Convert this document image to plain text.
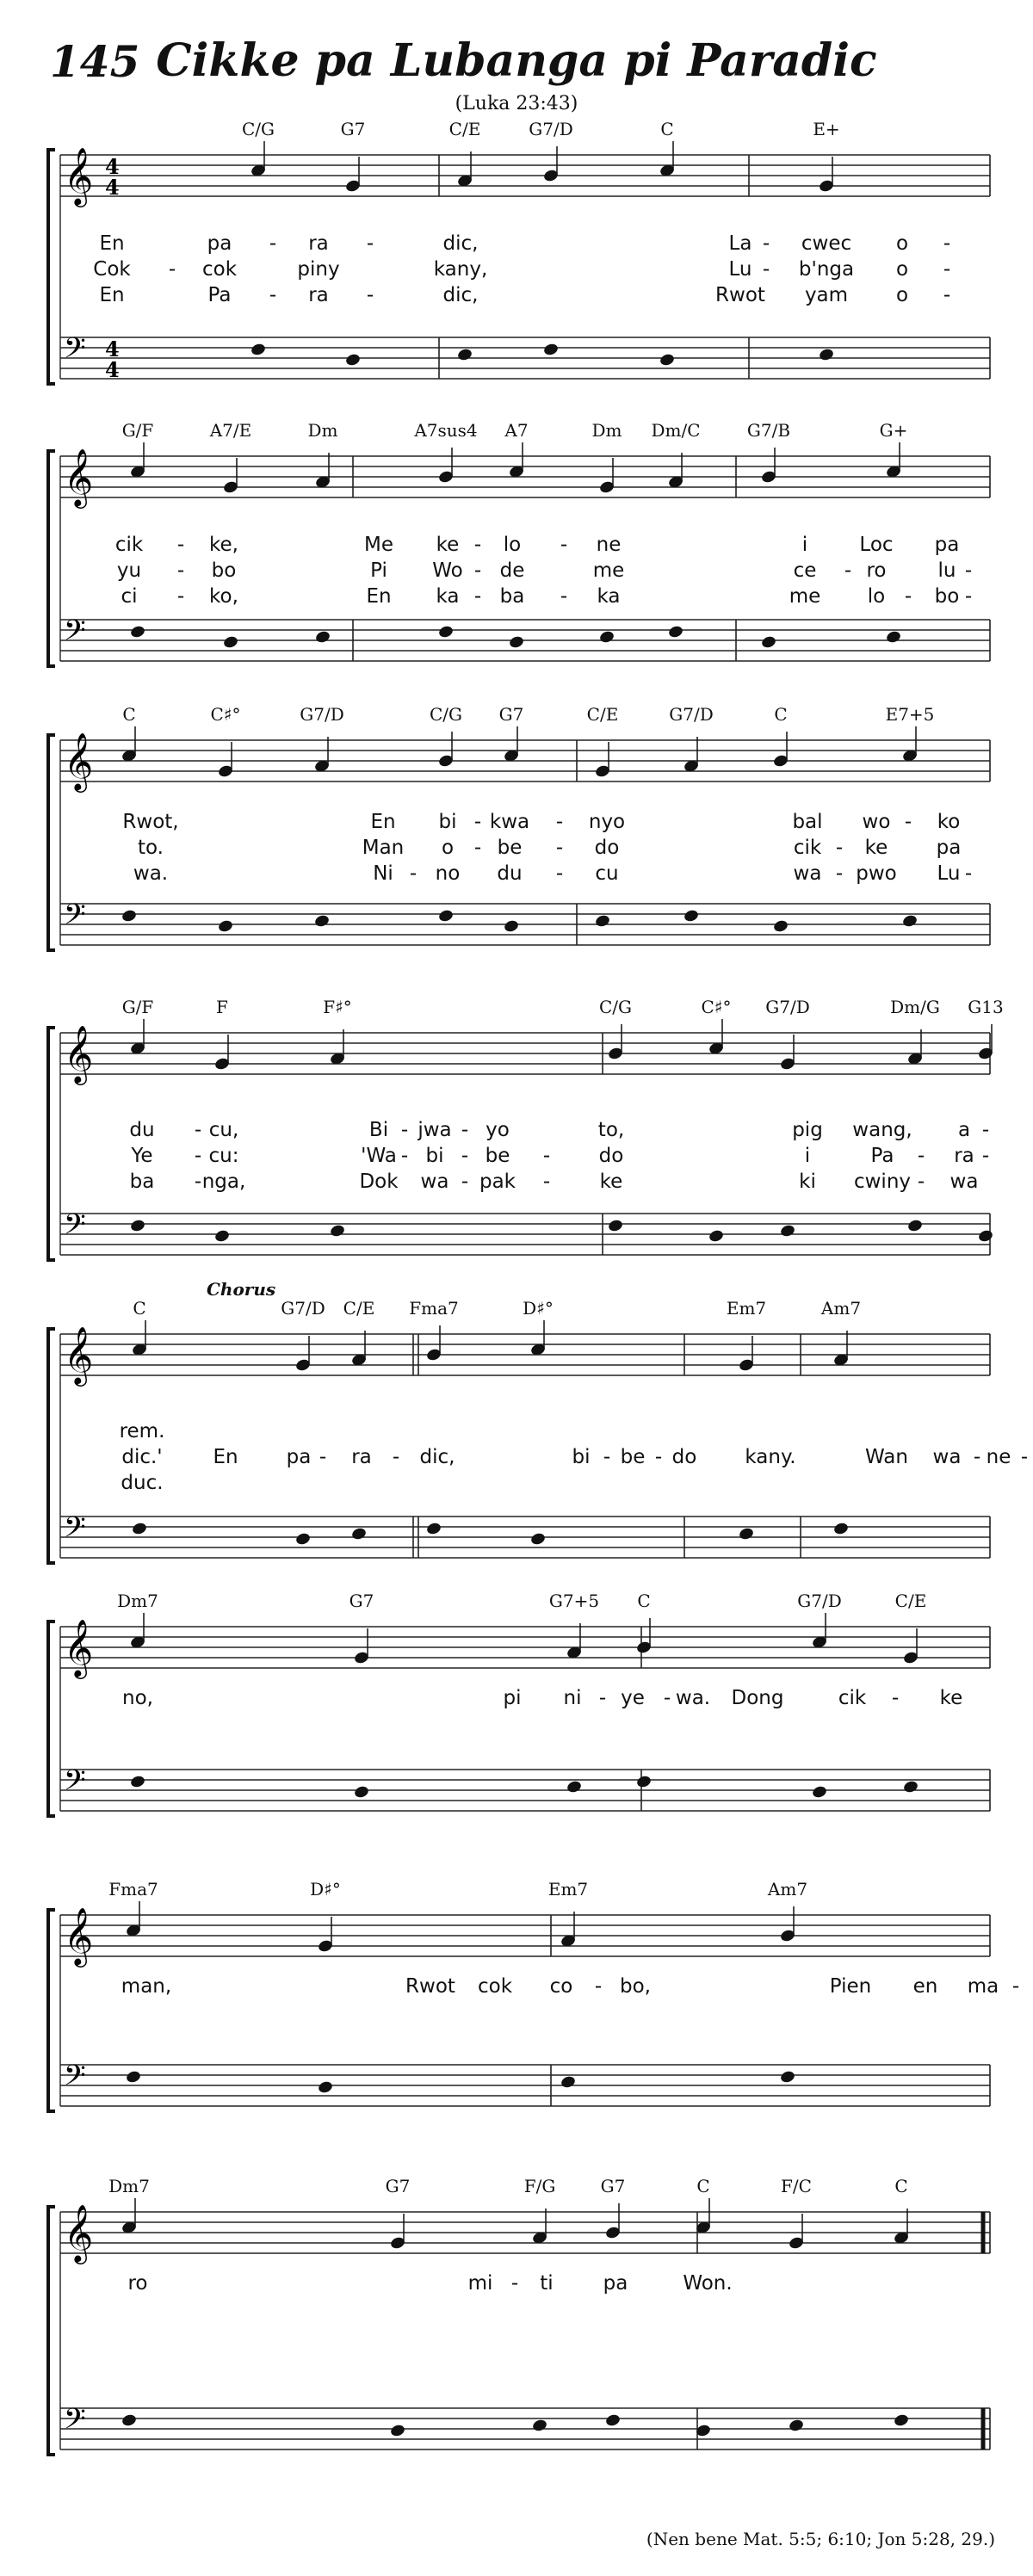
145 Cikke pa Lubanga pi Paradic
(Luka 23:43)
𝄞 4
4
𝄢 4
4
C/G	G7	C/E	G7/D	C	E+
En	pa - ra -	dic,	La - cwec o -
Cok - cok	piny	kany,	Lu - b'nga o -
En	Pa - ra -	dic,	Rwot yam o -
𝄞
𝄢
G/F	A7/E	Dm	A7sus4 A7	Dm Dm/C	G7/B	G+
cik - ke,	Me ke - lo - ne	i	Loc pa
yu - bo	Pi Wo - de	me	ce - ro	lu -
ci - ko,	En ka - ba - ka	me lo - bo -
𝄞
𝄢
C	C♯°	G7/D	C/G G7	C/E	G7/D	C	E7+5
Rwot,	En bi - kwa - nyo	bal wo - ko
to.	Man o - be - do	cik - ke pa
wa.	Ni - no du - cu	wa - pwo Lu -
𝄞
𝄢
G/F	F	F♯°	C/G	C♯° G7/D	Dm/G G13
du - cu,	Bi - jwa - yo	to,	pig wang, a -
Ye - cu:	'Wa - bi - be - do	i	Pa - ra -
ba - nga,	Dok wa - pak -	ke	ki cwiny - wa
𝄞
𝄢
C	G7/D C/E Fma7	D♯°	Em7	Am7
Chorus
rem.
dic.'	En pa - ra - dic,	bi - be - do kany.	Wan wa - ne -
duc.
𝄞
𝄢
Dm7	G7	G7+5 C	G7/D	C/E
no,	pi ni - ye - wa. Dong	cik - ke
𝄞
𝄢
Fma7	D♯°	Em7	Am7
man,	Rwot cok co - bo,	Pien en ma -
𝄞
𝄢
Dm7	G7	F/G	G7	C	F/C	C
ro	mi - ti	pa	Won.
(Nen bene Mat. 5:5; 6:10; Jon 5:28, 29.)
